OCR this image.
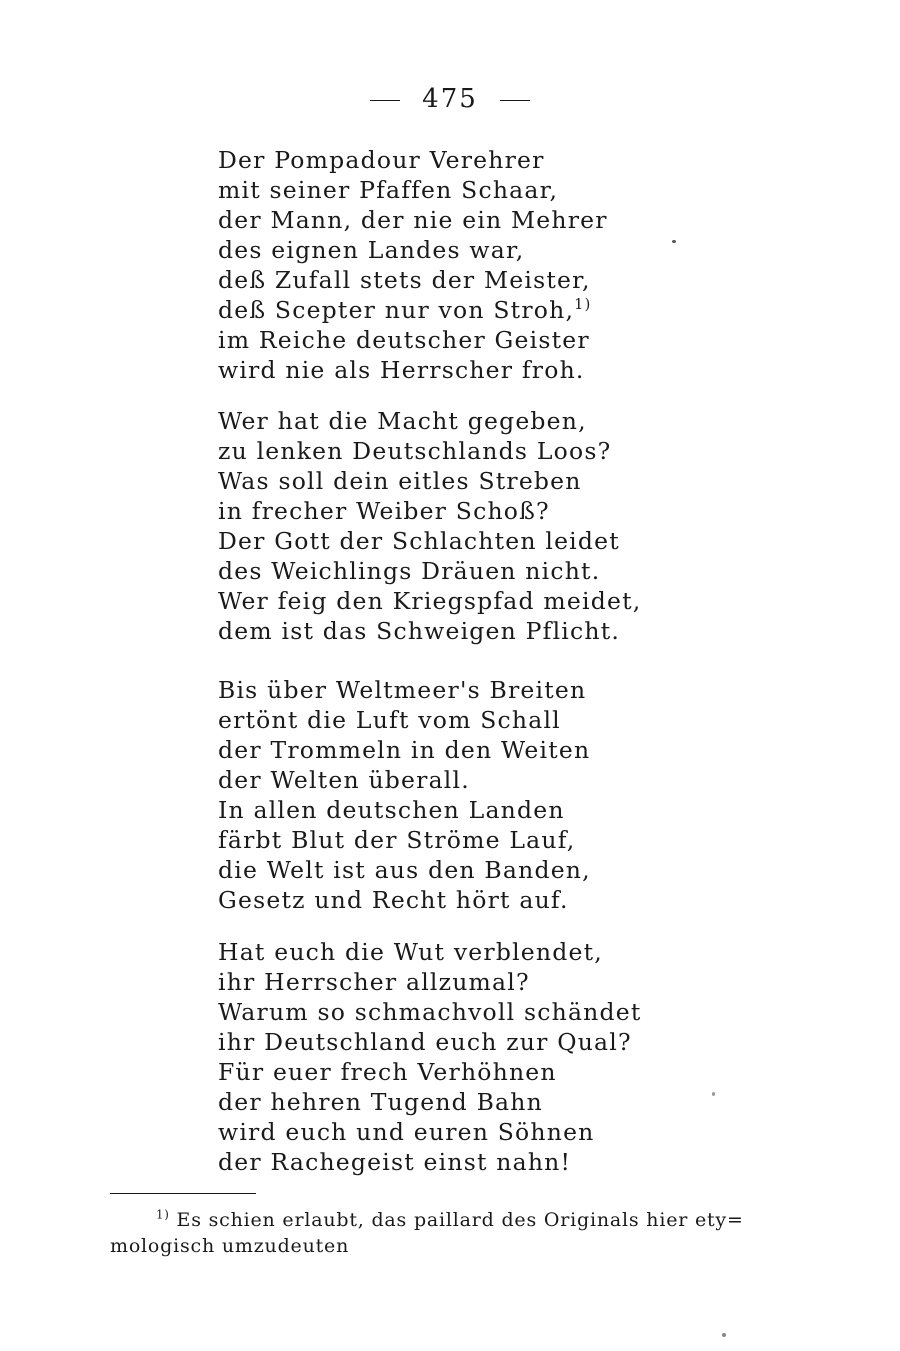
475
Der Pompadour Verehrer
mit seiner Pfaffen Schaar,
der Mann, der nie ein Mehrer
des eignen Landes war,
deß Zufall stets der Meister,
deß Scepter nur von Stroh,$^{1)}$
im Reiche deutscher Geister
wird nie als Herrscher froh.
Wer hat die Macht gegeben,
zu lenken Deutschlands Loos?
Was soll dein eitles Streben
in frecher Weiber Schoß?
Der Gott der Schlachten leidet
des Weichlings Dräuen nicht.
Wer feig den Kriegspfad meidet,
dem ist das Schweigen Pflicht.
Bis über Weltmeer's Breiten
ertönt die Luft vom Schall
der Trommeln in den Weiten
der Welten überall.
In allen deutschen Landen
färbt Blut der Ströme Lauf,
die Welt ist aus den Banden,
Gesetz und Recht hört auf.
Hat euch die Wut verblendet,
ihr Herrscher allzumal?
Warum so schmachvoll schändet
ihr Deutschland euch zur Qual?
Für euer frech Verhöhnen
der hehren Tugend Bahn
wird euch und euren Söhnen
der Rachegeist einst nahn!
$^{1)}$ Es schien erlaubt, das paillard des Originals hier ety=
mologisch umzudeuten
